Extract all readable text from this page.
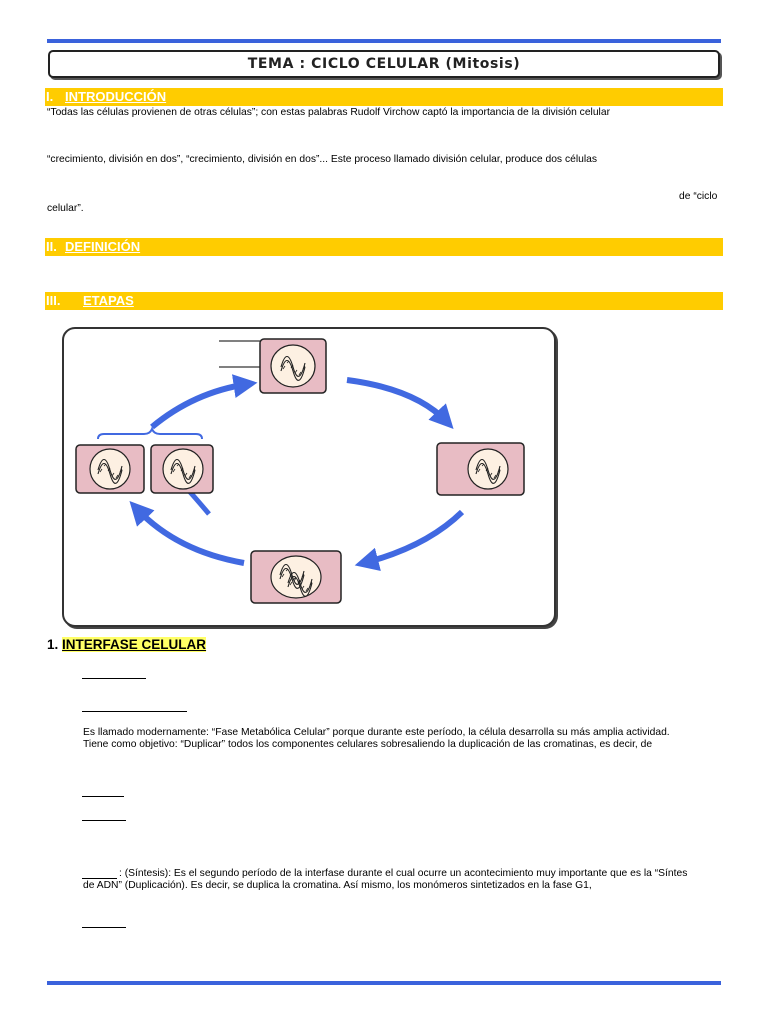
TEMA : CICLO CELULAR (Mitosis)
I. INTRODUCCIÓN
“Todas las células provienen de otras células”; con estas palabras Rudolf Virchow captó la importancia de la división celular
“crecimiento, división en dos”, “crecimiento, división en dos”... Este proceso llamado división celular, produce dos células
de “ciclo
celular”.
II. DEFINICIÓN
III. ETAPAS
1. INTERFASE CELULAR
Es llamado modernamente: “Fase Metabólica Celular” porque durante este período, la célula desarrolla su más amplia actividad.
Tiene como objetivo: “Duplicar” todos los componentes celulares sobresaliendo la duplicación de las cromatinas, es decir, de
: (Síntesis): Es el segundo período de la interfase durante el cual ocurre un acontecimiento muy importante que es la “Síntes
de ADN” (Duplicación). Es decir, se duplica la cromatina. Así mismo, los monómeros sintetizados en la fase G1,
